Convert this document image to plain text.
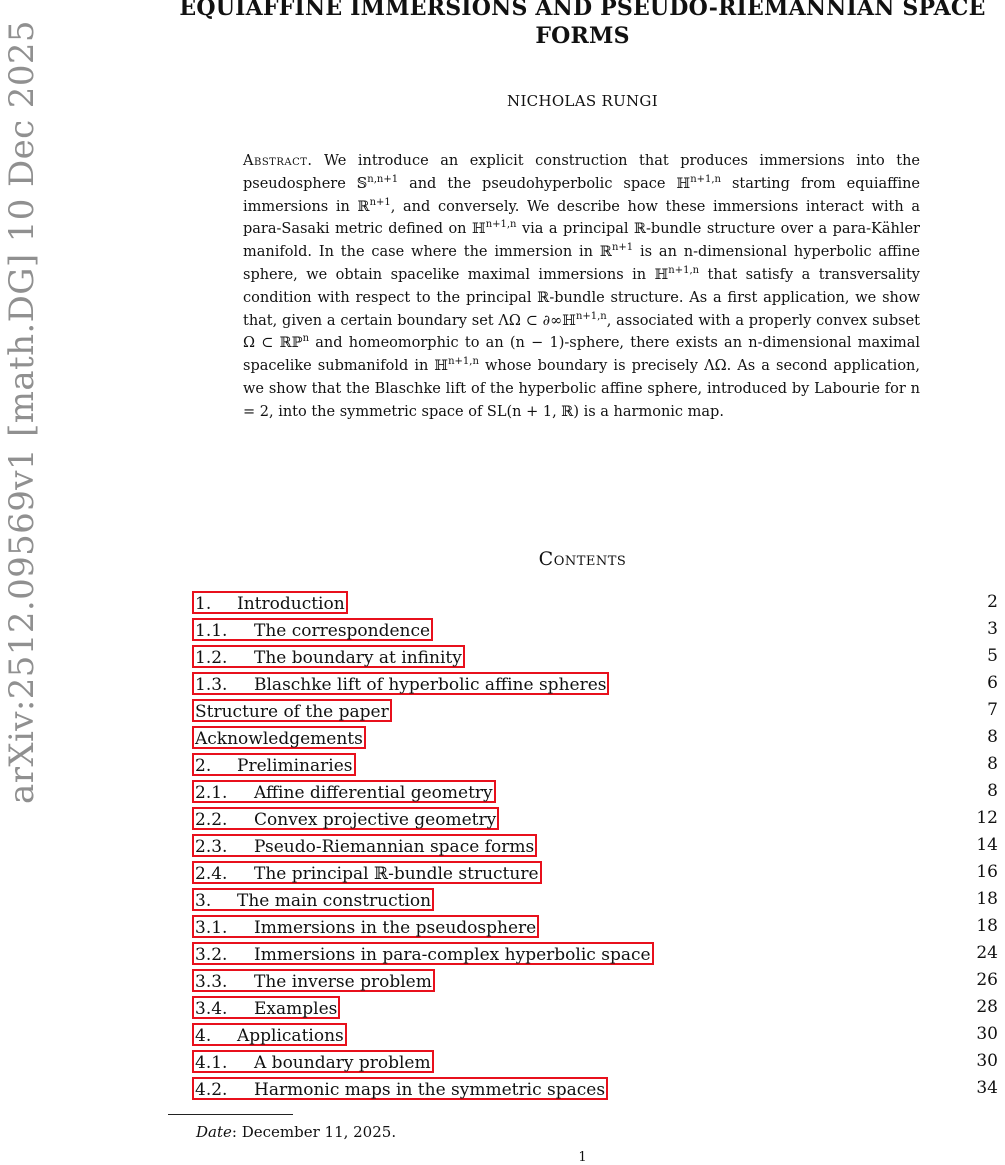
arXiv:2512.09569v1 [math.DG] 10 Dec 2025
EQUIAFFINE IMMERSIONS AND PSEUDO-RIEMANNIAN SPACE
FORMS
NICHOLAS RUNGI
Abstract. We introduce an explicit construction that produces immersions into the pseudosphere 𝕊$^{n,n+1}$ and the pseudohyperbolic space ℍ$^{n+1,n}$ starting from equiaffine immersions in ℝ$^{n+1}$, and conversely. We describe how these immersions interact with a para-Sasaki metric defined on ℍ$^{n+1,n}$ via a principal ℝ-bundle structure over a para-Kähler manifold. In the case where the immersion in ℝ$^{n+1}$ is an n-dimensional hyperbolic affine sphere, we obtain spacelike maximal immersions in ℍ$^{n+1,n}$ that satisfy a transversality condition with respect to the principal ℝ-bundle structure. As a first application, we show that, given a certain boundary set ΛΩ ⊂ ∂∞ℍ$^{n+1,n}$, associated with a properly convex subset Ω ⊂ ℝℙ$^n$ and homeomorphic to an (n − 1)-sphere, there exists an n-dimensional maximal spacelike submanifold in ℍ$^{n+1,n}$ whose boundary is precisely ΛΩ. As a second application, we show that the Blaschke lift of the hyperbolic affine sphere, introduced by Labourie for n = 2, into the symmetric space of SL(n + 1, ℝ) is a harmonic map.
Contents
1. Introduction	2
1.1. The correspondence	3
1.2. The boundary at infinity	5
1.3. Blaschke lift of hyperbolic affine spheres	6
Structure of the paper	7
Acknowledgements	8
2. Preliminaries	8
2.1. Affine differential geometry	8
2.2. Convex projective geometry	12
2.3. Pseudo-Riemannian space forms	14
2.4. The principal ℝ-bundle structure	16
3. The main construction	18
3.1. Immersions in the pseudosphere	18
3.2. Immersions in para-complex hyperbolic space	24
3.3. The inverse problem	26
3.4. Examples	28
4. Applications	30
4.1. A boundary problem	30
4.2. Harmonic maps in the symmetric spaces	34
Date: December 11, 2025.
1
